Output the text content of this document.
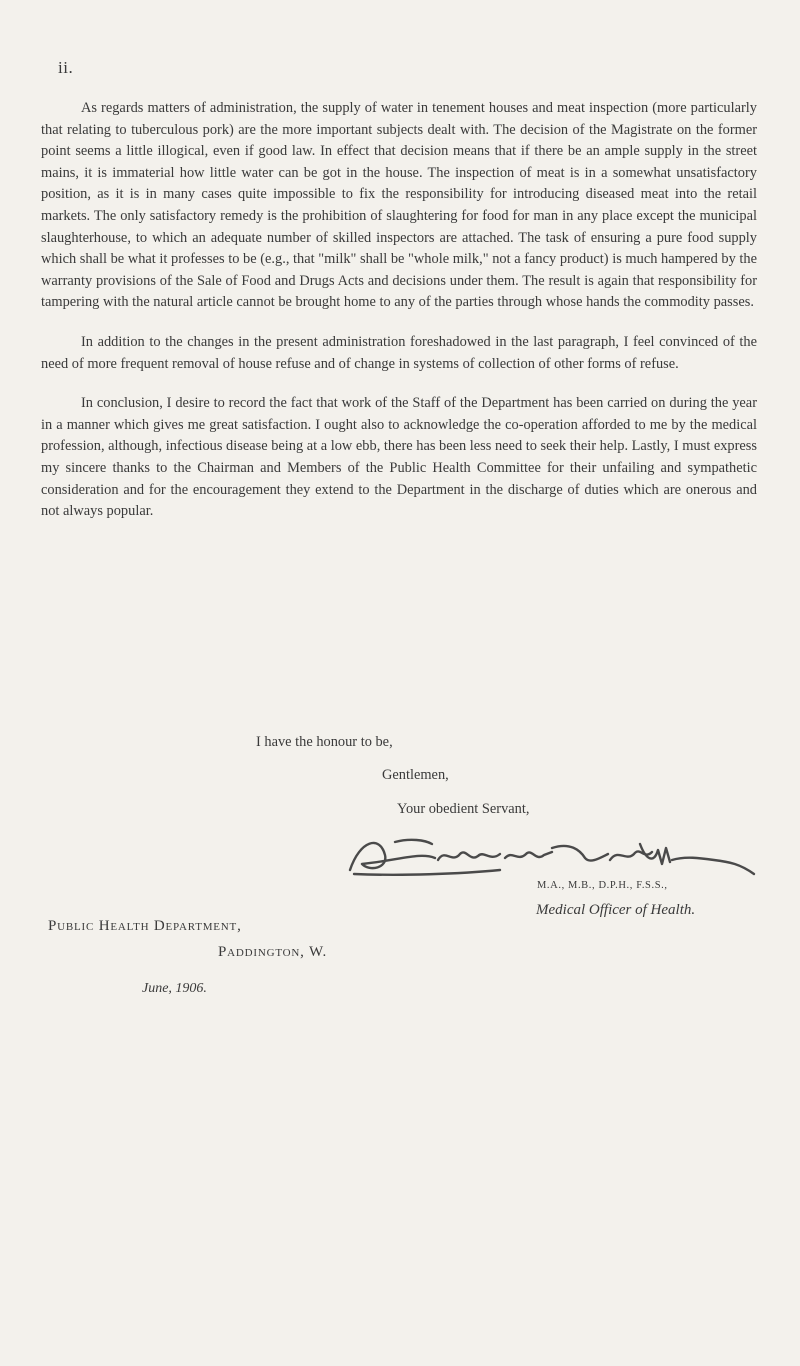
ii.

As regards matters of administration, the supply of water in tenement houses and meat inspection (more particularly that relating to tuberculous pork) are the more important subjects dealt with. The decision of the Magistrate on the former point seems a little illogical, even if good law. In effect that decision means that if there be an ample supply in the street mains, it is immaterial how little water can be got in the house. The inspection of meat is in a somewhat unsatisfactory position, as it is in many cases quite impossible to fix the responsibility for introducing diseased meat into the retail markets. The only satisfactory remedy is the prohibition of slaughtering for food for man in any place except the municipal slaughterhouse, to which an adequate number of skilled inspectors are attached. The task of ensuring a pure food supply which shall be what it professes to be (e.g., that "milk" shall be "whole milk," not a fancy product) is much hampered by the warranty provisions of the Sale of Food and Drugs Acts and decisions under them. The result is again that responsibility for tampering with the natural article cannot be brought home to any of the parties through whose hands the commodity passes.

In addition to the changes in the present administration foreshadowed in the last paragraph, I feel convinced of the need of more frequent removal of house refuse and of change in systems of collection of other forms of refuse.

In conclusion, I desire to record the fact that work of the Staff of the Department has been carried on during the year in a manner which gives me great satisfaction. I ought also to acknowledge the co-operation afforded to me by the medical profession, although, infectious disease being at a low ebb, there has been less need to seek their help. Lastly, I must express my sincere thanks to the Chairman and Members of the Public Health Committee for their unfailing and sympathetic consideration and for the encouragement they extend to the Department in the discharge of duties which are onerous and not always popular.

I have the honour to be,
Gentlemen,
Your obedient Servant,
M.A., M.B., D.P.H., F.S.S.,
Medical Officer of Health.
Public Health Department,
Paddington, W.
June, 1906.
